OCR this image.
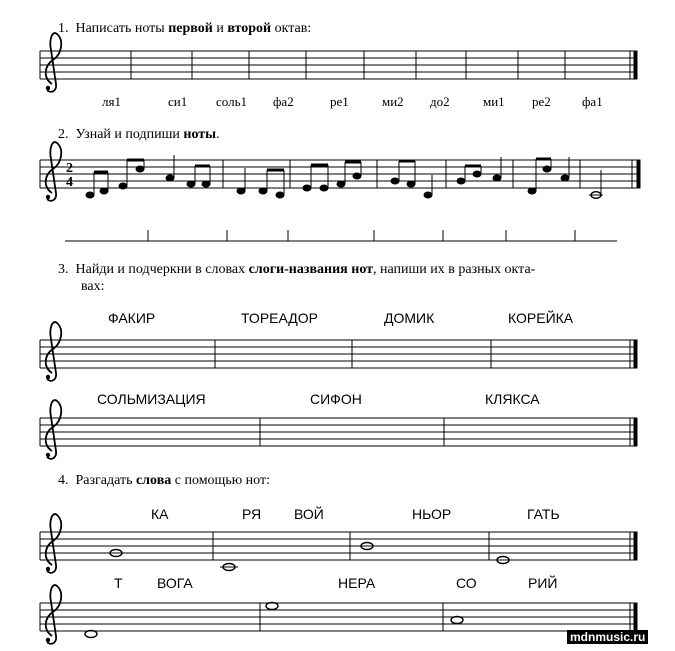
1. Написать ноты первой и второй октав:
2. Узнай и подпиши ноты.
3. Найди и подчеркни в словах слоги-названия нот, напиши их в разных окта-
вах:
4. Разгадать слова с помощью нот:
ля1	си1 соль1 фа2	ре1	ми2 до2	ми1 ре2 фа1
ФАКИР	ТОРЕАДОР	ДОМИК	КОРЕЙКА
СОЛЬМИЗАЦИЯ	СИФОН	КЛЯКСА
КА	РЯ ВОЙ	НЬОР	ГАТЬ
Т ВОГА	НЕРА	СО	РИЙ
2
4
mdnmusic.ru
